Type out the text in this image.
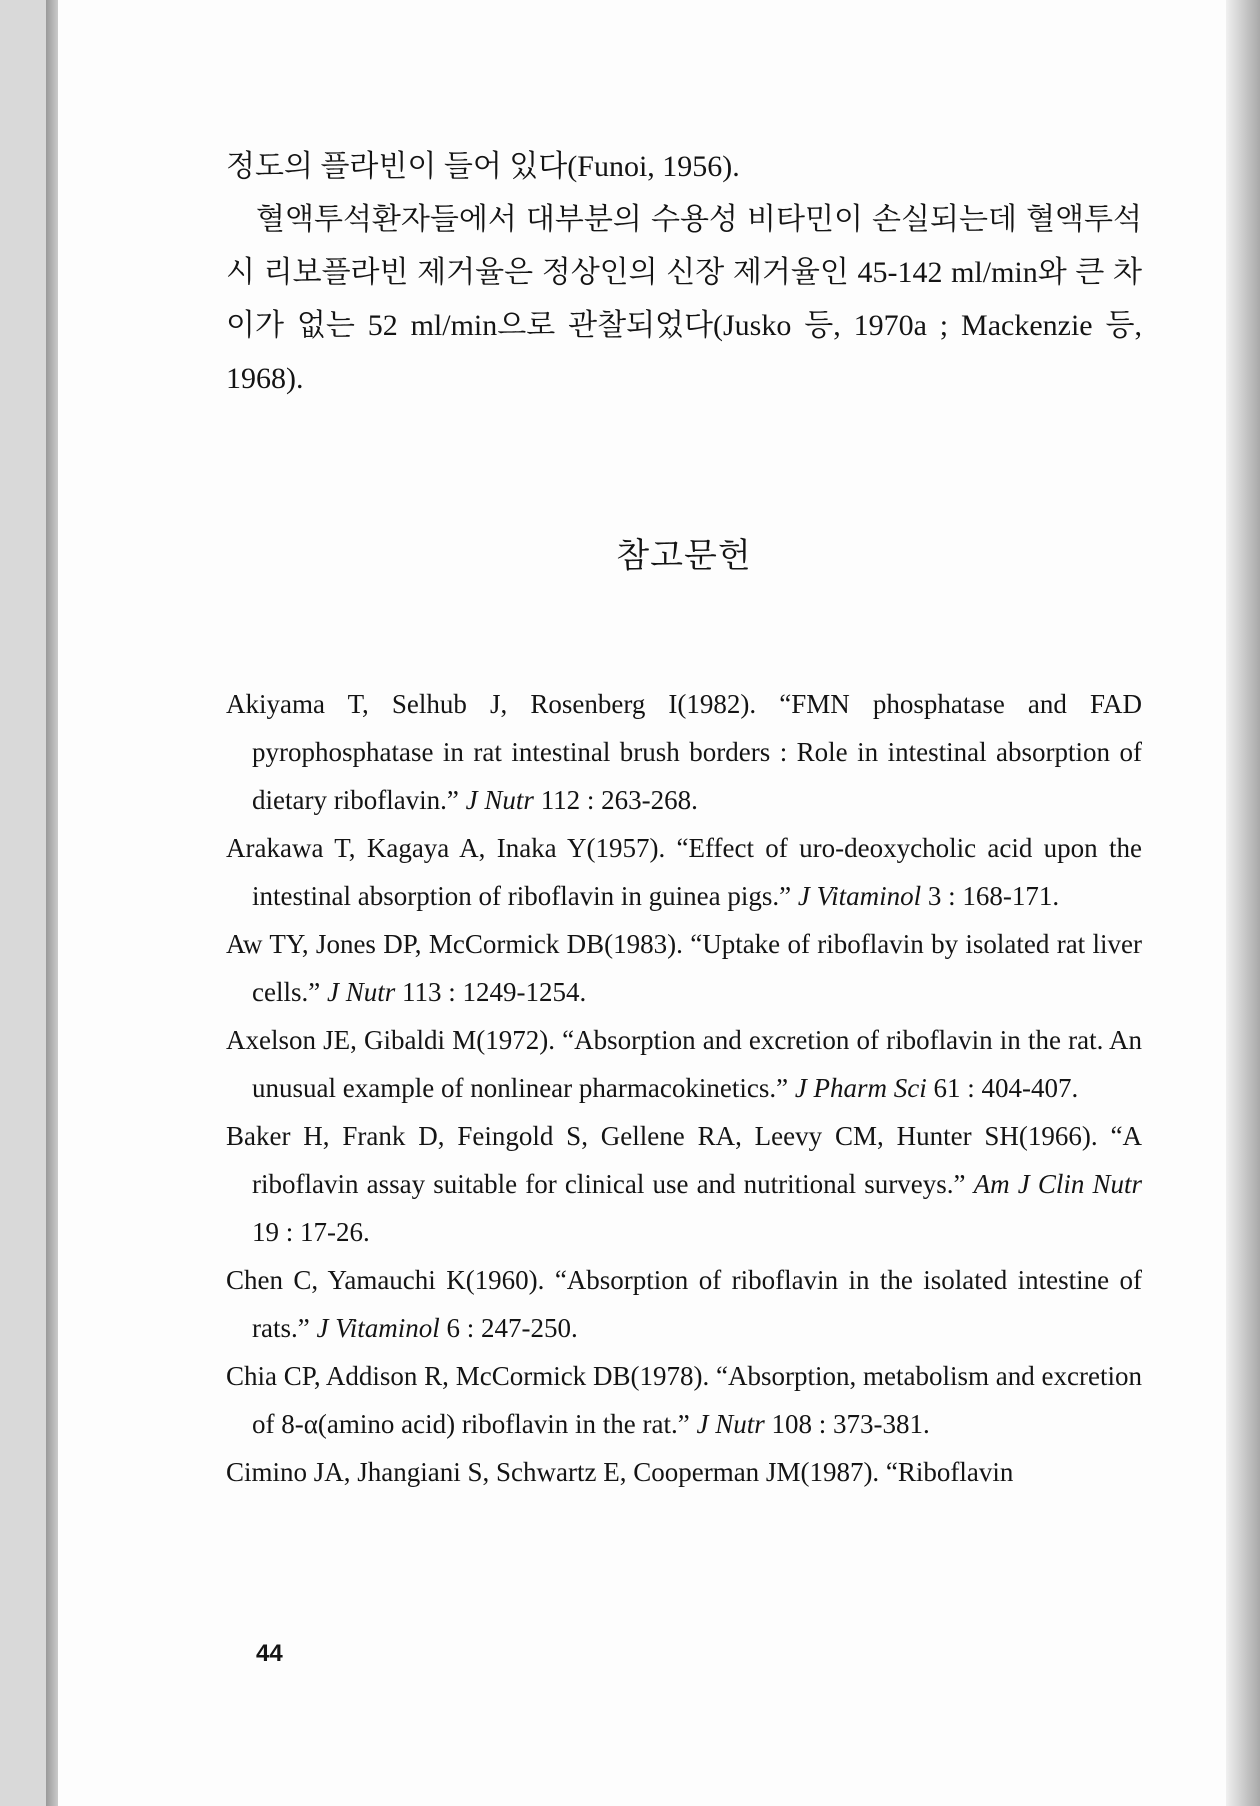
정도의 플라빈이 들어 있다(Funoi, 1956).

혈액투석환자들에서 대부분의 수용성 비타민이 손실되는데 혈액투석시 리보플라빈 제거율은 정상인의 신장 제거율인 45-142 ml/min와 큰 차이가 없는 52 ml/min으로 관찰되었다(Jusko 등, 1970a ; Mackenzie 등, 1968).

참고문헌
Akiyama T, Selhub J, Rosenberg I(1982). “FMN phosphatase and FAD pyrophosphatase in rat intestinal brush borders : Role in intestinal absorption of dietary riboflavin.” J Nutr 112 : 263-268.
Arakawa T, Kagaya A, Inaka Y(1957). “Effect of uro-deoxycholic acid upon the intestinal absorption of riboflavin in guinea pigs.” J Vitaminol 3 : 168-171.
Aw TY, Jones DP, McCormick DB(1983). “Uptake of riboflavin by isolated rat liver cells.” J Nutr 113 : 1249-1254.
Axelson JE, Gibaldi M(1972). “Absorption and excretion of riboflavin in the rat. An unusual example of nonlinear pharmacokinetics.” J Pharm Sci 61 : 404-407.
Baker H, Frank D, Feingold S, Gellene RA, Leevy CM, Hunter SH(1966). “A riboflavin assay suitable for clinical use and nutritional surveys.” Am J Clin Nutr 19 : 17-26.
Chen C, Yamauchi K(1960). “Absorption of riboflavin in the isolated intestine of rats.” J Vitaminol 6 : 247-250.
Chia CP, Addison R, McCormick DB(1978). “Absorption, metabolism and excretion of 8-α(amino acid) riboflavin in the rat.” J Nutr 108 : 373-381.
Cimino JA, Jhangiani S, Schwartz E, Cooperman JM(1987). “Riboflavin
44
